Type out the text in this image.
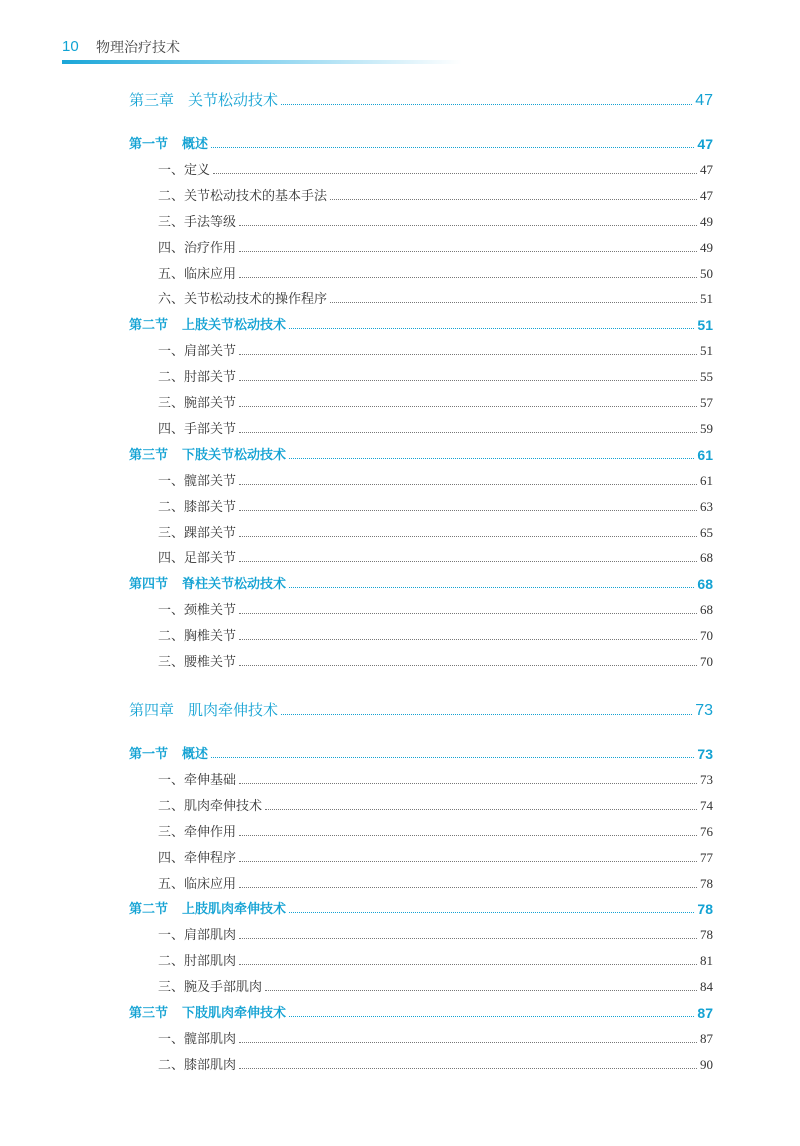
10 物理治疗技术
第三章 关节松动技术	47
第一节 概述	47
一、定义	47
二、关节松动技术的基本手法	47
三、手法等级	49
四、治疗作用	49
五、临床应用	50
六、关节松动技术的操作程序	51
第二节 上肢关节松动技术	51
一、肩部关节	51
二、肘部关节	55
三、腕部关节	57
四、手部关节	59
第三节 下肢关节松动技术	61
一、髋部关节	61
二、膝部关节	63
三、踝部关节	65
四、足部关节	68
第四节 脊柱关节松动技术	68
一、颈椎关节	68
二、胸椎关节	70
三、腰椎关节	70
第四章 肌肉牵伸技术	73
第一节 概述	73
一、牵伸基础	73
二、肌肉牵伸技术	74
三、牵伸作用	76
四、牵伸程序	77
五、临床应用	78
第二节 上肢肌肉牵伸技术	78
一、肩部肌肉	78
二、肘部肌肉	81
三、腕及手部肌肉	84
第三节 下肢肌肉牵伸技术	87
一、髋部肌肉	87
二、膝部肌肉	90
